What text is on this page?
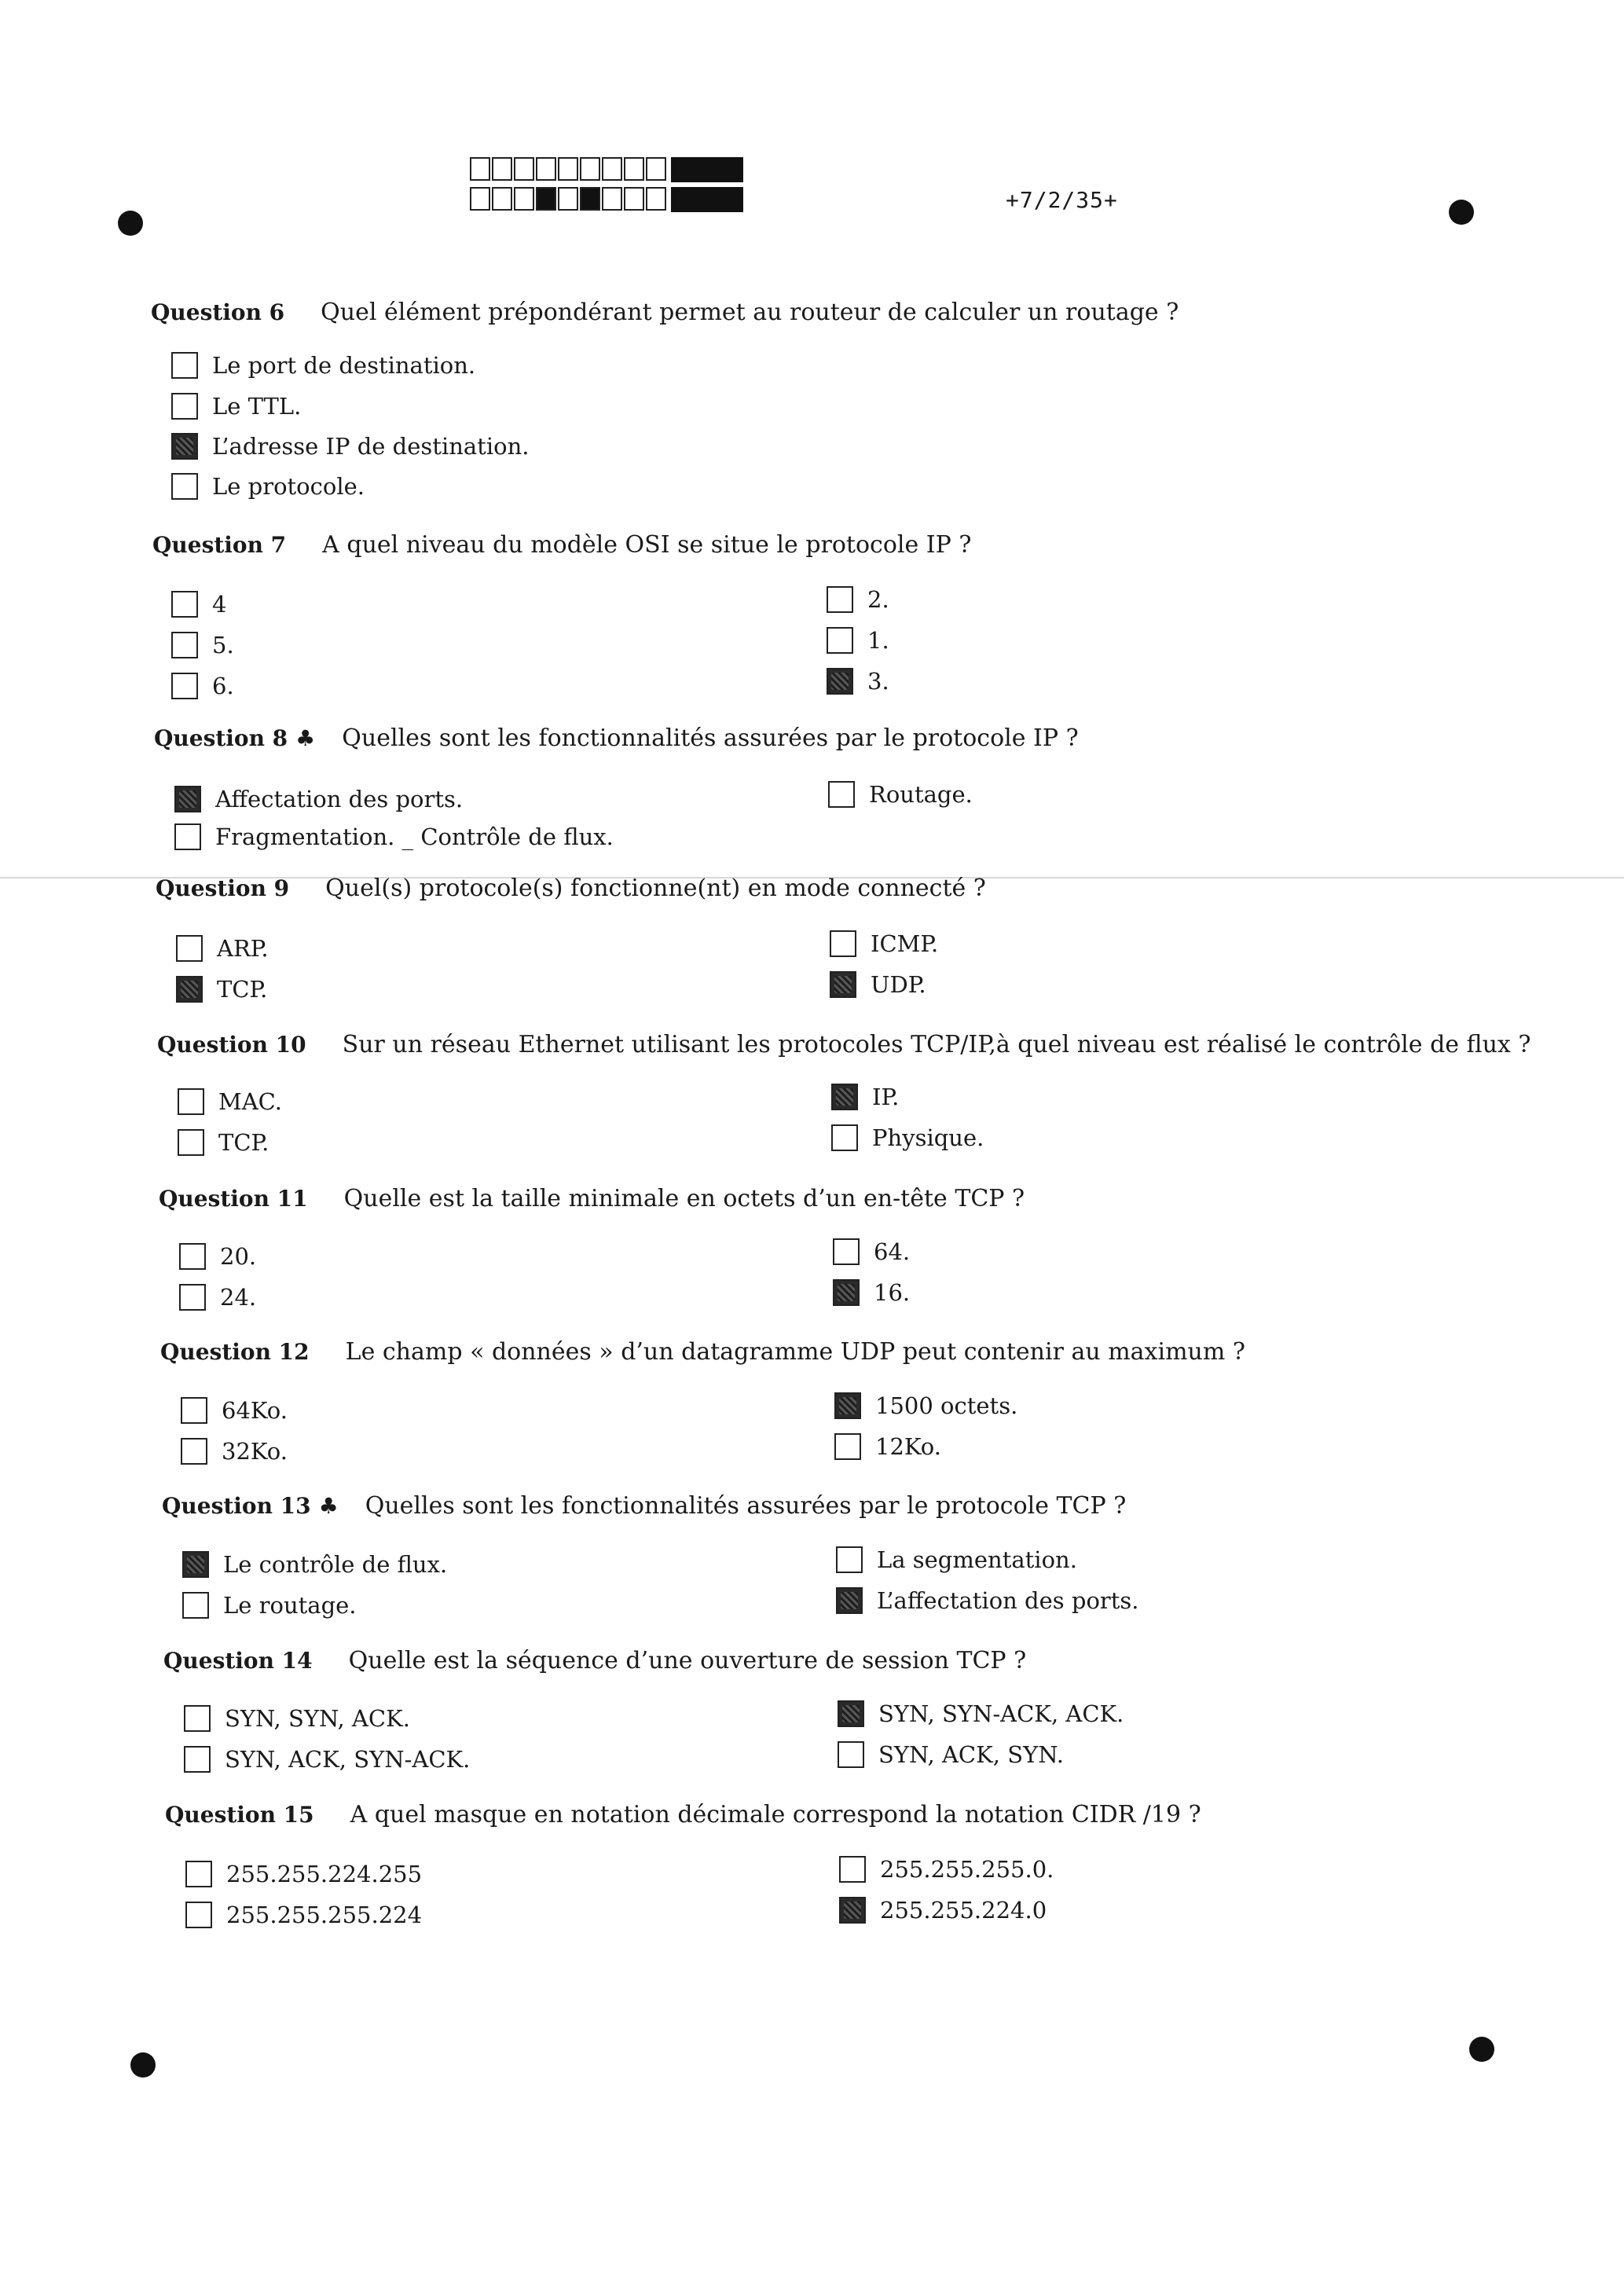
+7/2/35+
Question 6 Quel élément prépondérant permet au routeur de calculer un routage ?
Le port de destination.
Le TTL.
L’adresse IP de destination.
Le protocole.
Question 7 A quel niveau du modèle OSI se situe le protocole IP ?
4
5.
6.
2.
1.
3.
Question 8 ♣ Quelles sont les fonctionnalités assurées par le protocole IP ?
Affectation des ports.
Fragmentation. _ Contrôle de flux.
Routage.
Question 9 Quel(s) protocole(s) fonctionne(nt) en mode connecté ?
ARP.
TCP.
ICMP.
UDP.
Question 10 Sur un réseau Ethernet utilisant les protocoles TCP/IP,à quel niveau est réalisé le contrôle de flux ?
MAC.
TCP.
IP.
Physique.
Question 11 Quelle est la taille minimale en octets d’un en-tête TCP ?
20.
24.
64.
16.
Question 12 Le champ « données » d’un datagramme UDP peut contenir au maximum ?
64Ko.
32Ko.
1500 octets.
12Ko.
Question 13 ♣ Quelles sont les fonctionnalités assurées par le protocole TCP ?
Le contrôle de flux.
Le routage.
La segmentation.
L’affectation des ports.
Question 14 Quelle est la séquence d’une ouverture de session TCP ?
SYN, SYN, ACK.
SYN, ACK, SYN-ACK.
SYN, SYN-ACK, ACK.
SYN, ACK, SYN.
Question 15 A quel masque en notation décimale correspond la notation CIDR /19 ?
255.255.224.255
255.255.255.224
255.255.255.0.
255.255.224.0
